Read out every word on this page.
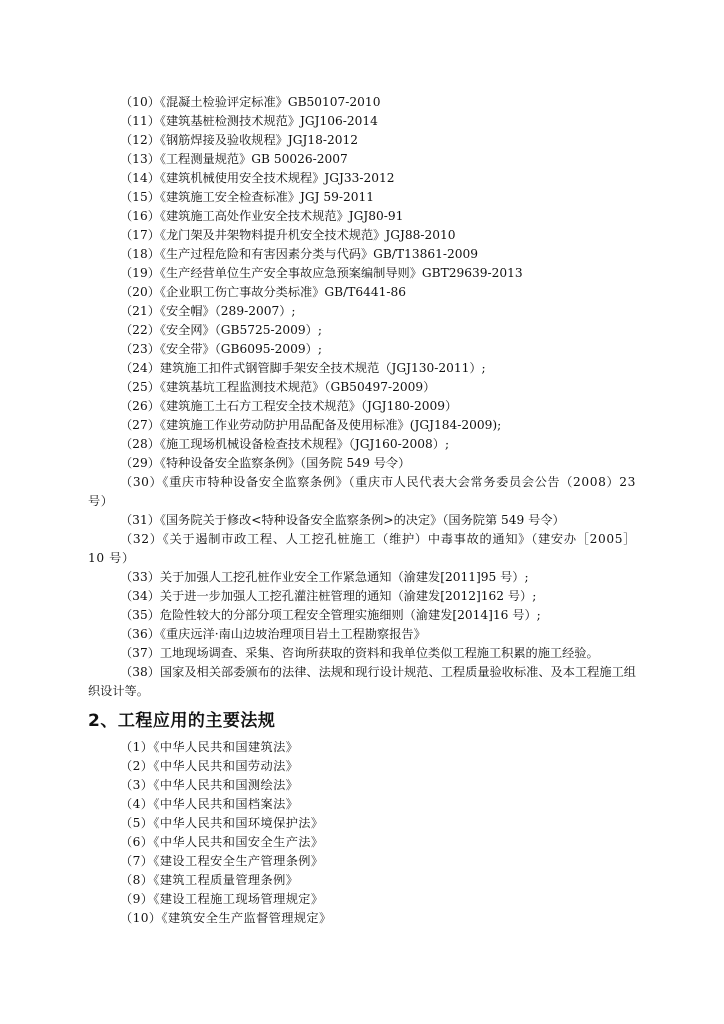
（10）《混凝土检验评定标准》GB50107-2010
（11）《建筑基桩检测技术规范》JGJ106-2014
（12）《钢筋焊接及验收规程》JGJ18-2012
（13）《工程测量规范》GB 50026-2007
（14）《建筑机械使用安全技术规程》JGJ33-2012
（15）《建筑施工安全检查标准》JGJ 59-2011
（16）《建筑施工高处作业安全技术规范》JGJ80-91
（17）《龙门架及井架物料提升机安全技术规范》JGJ88-2010
（18）《生产过程危险和有害因素分类与代码》GB/T13861-2009
（19）《生产经营单位生产安全事故应急预案编制导则》GBT29639-2013
（20）《企业职工伤亡事故分类标准》GB/T6441-86
（21）《安全帽》（289-2007）;
（22）《安全网》（GB5725-2009）;
（23）《安全带》（GB6095-2009）;
（24）建筑施工扣件式钢管脚手架安全技术规范（JGJ130-2011）;
（25）《建筑基坑工程监测技术规范》（GB50497-2009）
（26）《建筑施工土石方工程安全技术规范》（JGJ180-2009）
（27）《建筑施工作业劳动防护用品配备及使用标准》(JGJ184-2009);
（28）《施工现场机械设备检查技术规程》（JGJ160-2008）;
（29）《特种设备安全监察条例》（国务院 549 号令）
（30）《重庆市特种设备安全监察条例》（重庆市人民代表大会常务委员会公告（2008）23 号）
（31）《国务院关于修改<特种设备安全监察条例>的决定》（国务院第 549 号令）
（32）《关于遏制市政工程、人工挖孔桩施工（维护）中毒事故的通知》（建安办［2005］10 号）
（33）关于加强人工挖孔桩作业安全工作紧急通知（渝建发[2011]95 号）;
（34）关于进一步加强人工挖孔灌注桩管理的通知（渝建发[2012]162 号）;
（35）危险性较大的分部分项工程安全管理实施细则（渝建发[2014]16 号）;
（36）《重庆远洋·南山边坡治理项目岩土工程勘察报告》
（37）工地现场调查、采集、咨询所获取的资料和我单位类似工程施工积累的施工经验。
（38）国家及相关部委颁布的法律、法规和现行设计规范、工程质量验收标准、及本工程施工组织设计等。
2、工程应用的主要法规
（1）《中华人民共和国建筑法》
（2）《中华人民共和国劳动法》
（3）《中华人民共和国测绘法》
（4）《中华人民共和国档案法》
（5）《中华人民共和国环境保护法》
（6）《中华人民共和国安全生产法》
（7）《建设工程安全生产管理条例》
（8）《建筑工程质量管理条例》
（9）《建设工程施工现场管理规定》
（10）《建筑安全生产监督管理规定》
